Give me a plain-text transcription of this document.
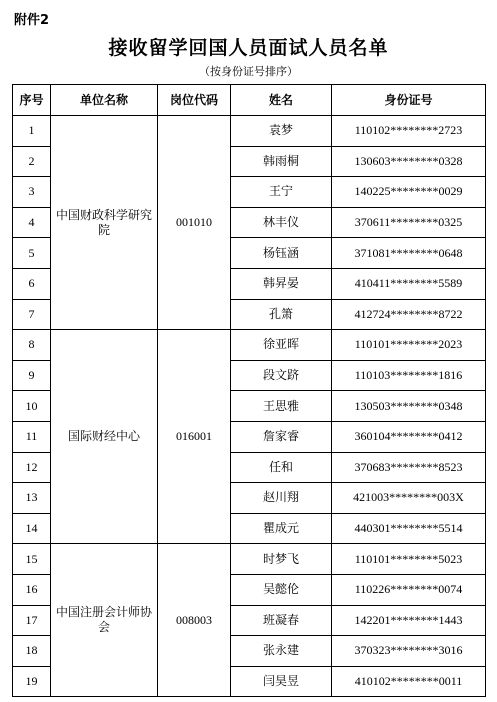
附件2
接收留学回国人员面试人员名单
（按身份证号排序）
序号	单位名称	岗位代码	姓名	身份证号
1	中国财政科学研究院	001010	袁梦	110102********2723
2			韩雨桐	130603********0328
3			王宁	140225********0029
4			林丰仪	370611********0325
5			杨钰涵	371081********0648
6			韩昇晏	410411********5589
7			孔箫	412724********8722
8	国际财经中心	016001	徐亚晖	110101********2023
9			段文跻	110103********1816
10			王思雅	130503********0348
11			詹家睿	360104********0412
12			任和	370683********8523
13			赵川翔	421003********003X
14			瞿成元	440301********5514
15	中国注册会计师协会	008003	时梦飞	110101********5023
16			吴懿伦	110226********0074
17			班凝春	142201********1443
18			张永建	370323********3016
19			闫昊昱	410102********0011
